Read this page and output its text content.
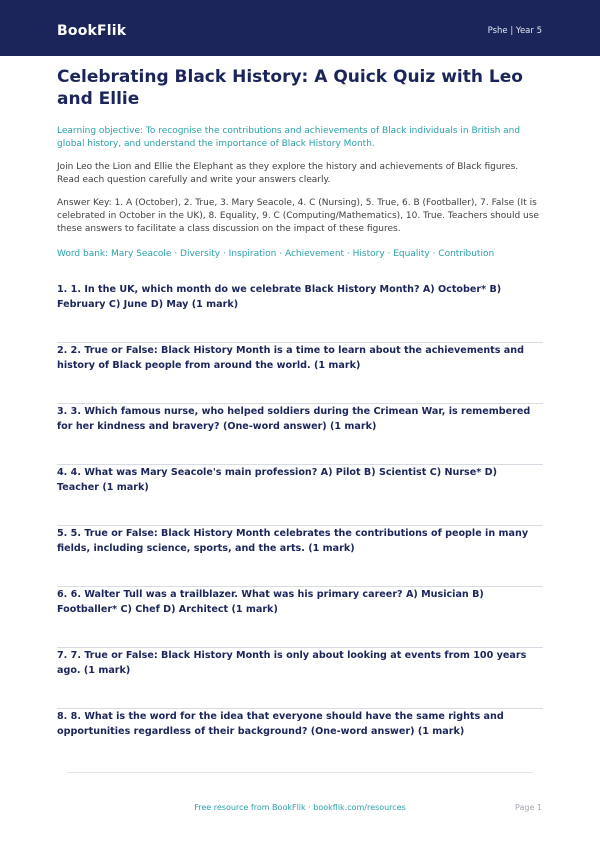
BookFlik	Pshe | Year 5
Celebrating Black History: A Quick Quiz with Leo and Ellie

Learning objective: To recognise the contributions and achievements of Black individuals in British and global history, and understand the importance of Black History Month.

Join Leo the Lion and Ellie the Elephant as they explore the history and achievements of Black figures. Read each question carefully and write your answers clearly.

Answer Key: 1. A (October), 2. True, 3. Mary Seacole, 4. C (Nursing), 5. True, 6. B (Footballer), 7. False (It is celebrated in October in the UK), 8. Equality, 9. C (Computing/Mathematics), 10. True. Teachers should use these answers to facilitate a class discussion on the impact of these figures.

Word bank: Mary Seacole · Diversity · Inspiration · Achievement · History · Equality · Contribution

1. 1. In the UK, which month do we celebrate Black History Month? A) October* B) February C) June D) May (1 mark)

2. 2. True or False: Black History Month is a time to learn about the achievements and history of Black people from around the world. (1 mark)

3. 3. Which famous nurse, who helped soldiers during the Crimean War, is remembered for her kindness and bravery? (One-word answer) (1 mark)

4. 4. What was Mary Seacole's main profession? A) Pilot B) Scientist C) Nurse* D) Teacher (1 mark)

5. 5. True or False: Black History Month celebrates the contributions of people in many fields, including science, sports, and the arts. (1 mark)

6. 6. Walter Tull was a trailblazer. What was his primary career? A) Musician B) Footballer* C) Chef D) Architect (1 mark)

7. 7. True or False: Black History Month is only about looking at events from 100 years ago. (1 mark)

8. 8. What is the word for the idea that everyone should have the same rights and opportunities regardless of their background? (One-word answer) (1 mark)

Free resource from BookFlik · bookflik.com/resources	Page 1
